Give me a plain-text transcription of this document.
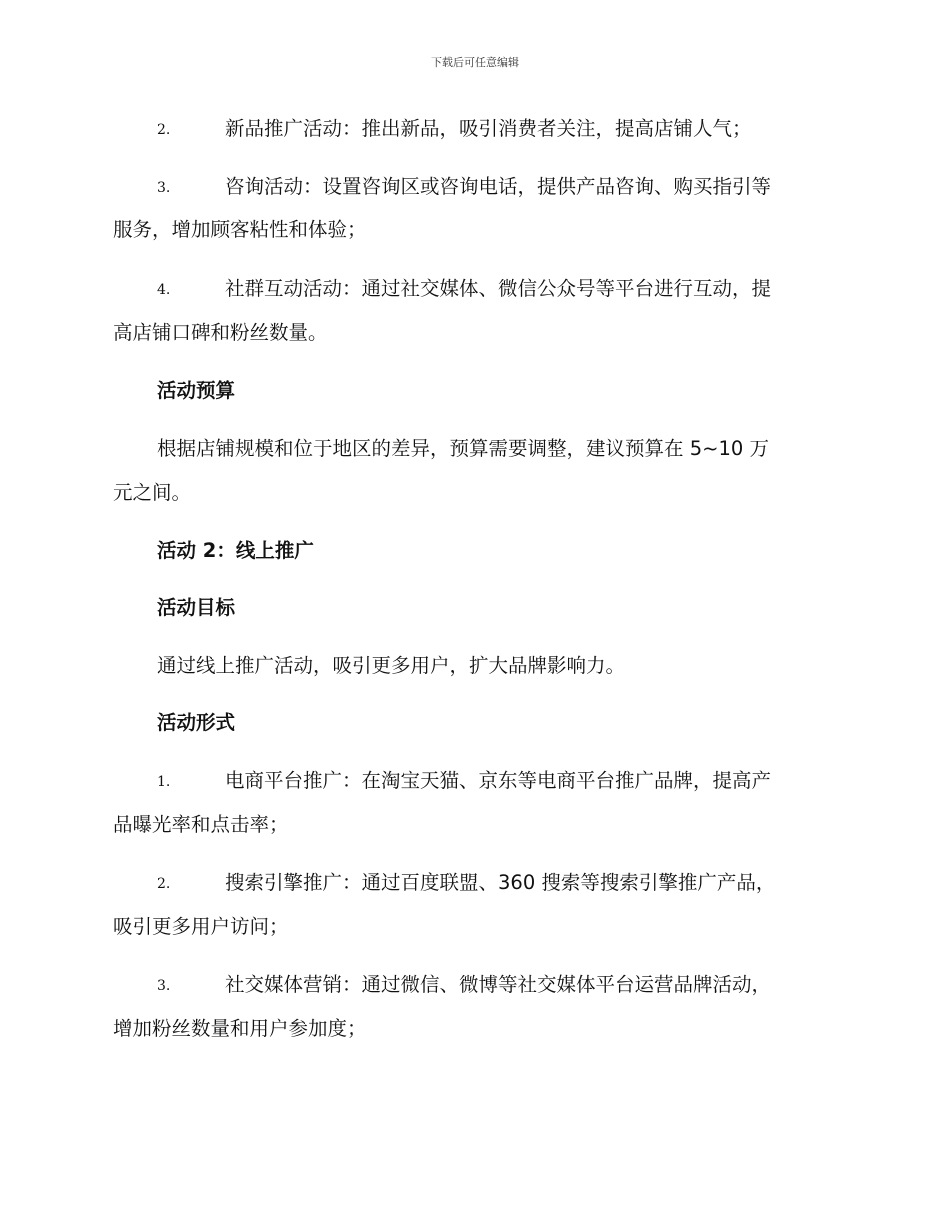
下载后可任意编辑
2.	新品推广活动：推出新品，吸引消费者关注，提高店铺人气；
3.	咨询活动：设置咨询区或咨询电话，提供产品咨询、购买指引等
服务，增加顾客粘性和体验；
4.	社群互动活动：通过社交媒体、微信公众号等平台进行互动，提
高店铺口碑和粉丝数量。
活动预算
根据店铺规模和位于地区的差异，预算需要调整，建议预算在 5~10 万
元之间。
活动 2：线上推广
活动目标
通过线上推广活动，吸引更多用户，扩大品牌影响力。
活动形式
1.	电商平台推广：在淘宝天猫、京东等电商平台推广品牌，提高产
品曝光率和点击率；
2.	搜索引擎推广：通过百度联盟、360 搜索等搜索引擎推广产品，
吸引更多用户访问；
3.	社交媒体营销：通过微信、微博等社交媒体平台运营品牌活动，
增加粉丝数量和用户参加度；
